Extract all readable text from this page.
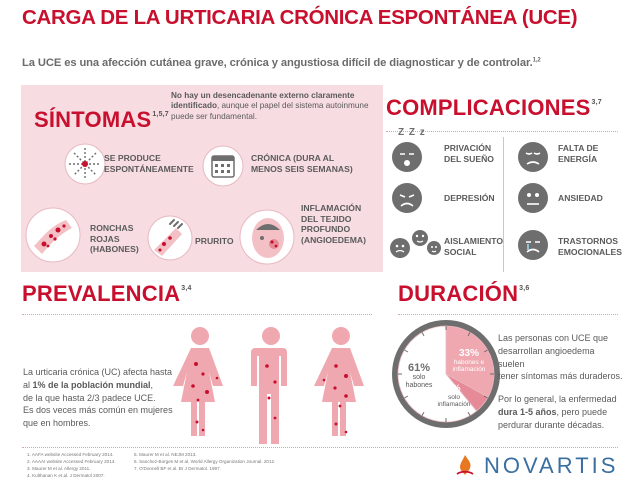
CARGA DE LA URTICARIA CRÓNICA ESPONTÁNEA (UCE)
La UCE es una afección cutánea grave, crónica y angustiosa difícil de diagnosticar y de controlar.$^{1,2}$
SÍNTOMAS$^{1,5,7}$
No hay un desencadenante externo claramente identificado, aunque el papel del sistema autoinmune puede ser fundamental.
SE PRODUCE ESPONTÁNEAMENTE
CRÓNICA (DURA AL MENOS SEIS SEMANAS)
RONCHAS ROJAS (HABONES)
PRURITO
INFLAMACIÓN DEL TEJIDO PROFUNDO (ANGIOEDEMA)
COMPLICACIONES$^{3,7}$
Z Z z
PRIVACIÓN DEL SUEÑO
FALTA DE ENERGÍA
DEPRESIÓN	ANSIEDAD
AISLAMIENTO SOCIAL
TRASTORNOS EMOCIONALES
PREVALENCIA$^{3,4}$
La urticaria crónica (UC) afecta hasta
al 1% de la población mundial,
de la que hasta 2/3 padece UCE.
Es dos veces más común en mujeres
que en hombres.
DURACIÓN$^{3,6}$
61%
solo
habones
33%
habones e
inflamación
6%
solo
inflamación
Las personas con UCE que
desarrollan angioedema suelen
tener síntomas más duraderos.
Por lo general, la enfermedad
dura 1-5 años, pero puede
perdurar durante décadas.
1. AAFA website Accessed February 2014.
2. AAAAI website Accessed February 2014.
3. Maurer M et al. Allergy 2011.
4. Kulthanan K et al. J Dermatol 2007.
5. Maurer M et al. NEJM 2013.
6. Sanchez-Borges M et al. World Allergy Organization Journal. 2012.
7. O'Donnell BF et al. Br J Dermatol. 1997.	NOVARTIS
